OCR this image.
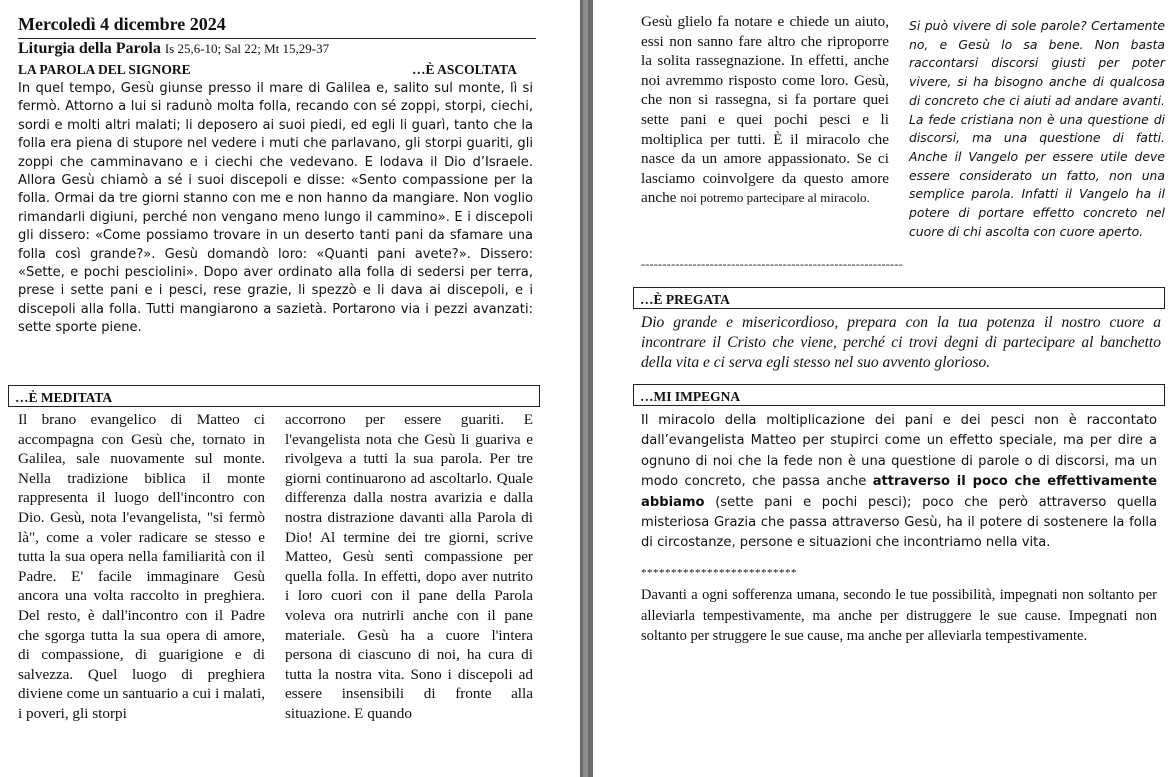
Mercoledì 4 dicembre 2024
Liturgia della Parola Is 25,6-10; Sal 22; Mt 15,29-37
LA PAROLA DEL SIGNORE	…È ASCOLTATA
In quel tempo, Gesù giunse presso il mare di Galilea e, salito sul monte, lì si fermò. Attorno a lui si radunò molta folla, recando con sé zoppi, storpi, ciechi, sordi e molti altri malati; li deposero ai suoi piedi, ed egli li guarì, tanto che la folla era piena di stupore nel vedere i muti che parlavano, gli storpi guariti, gli zoppi che camminavano e i ciechi che vedevano. E lodava il Dio d’Israele. Allora Gesù chiamò a sé i suoi discepoli e disse: «Sento compassione per la folla. Ormai da tre giorni stanno con me e non hanno da mangiare. Non voglio rimandarli digiuni, perché non vengano meno lungo il cammino». E i discepoli gli dissero: «Come possiamo trovare in un deserto tanti pani da sfamare una folla così grande?». Gesù domandò loro: «Quanti pani avete?». Dissero: «Sette, e pochi pesciolini». Dopo aver ordinato alla folla di sedersi per terra, prese i sette pani e i pesci, rese grazie, li spezzò e li dava ai discepoli, e i discepoli alla folla. Tutti mangiarono a sazietà. Portarono via i pezzi avanzati: sette sporte piene.
…È MEDITATA
Il brano evangelico di Matteo ci accompagna con Gesù che, tornato in Galilea, sale nuovamente sul monte. Nella tradizione biblica il monte rappresenta il luogo dell'incontro con Dio. Gesù, nota l'evangelista, "si fermò là", come a voler radicare se stesso e tutta la sua opera nella familiarità con il Padre. E' facile immaginare Gesù ancora una volta raccolto in preghiera. Del resto, è dall'incontro con il Padre che sgorga tutta la sua opera di amore, di compassione, di guarigione e di salvezza. Quel luogo di preghiera diviene come un santuario a cui i malati, i poveri, gli storpi
accorrono per essere guariti. E l'evangelista nota che Gesù li guariva e rivolgeva a tutti la sua parola. Per tre giorni continuarono ad ascoltarlo. Quale differenza dalla nostra avarizia e dalla nostra distrazione davanti alla Parola di Dio! Al termine dei tre giorni, scrive Matteo, Gesù sentì compassione per quella folla. In effetti, dopo aver nutrito i loro cuori con il pane della Parola voleva ora nutrirli anche con il pane materiale. Gesù ha a cuore l'intera persona di ciascuno di noi, ha cura di tutta la nostra vita. Sono i discepoli ad essere insensibili di fronte alla situazione. E quando
Gesù glielo fa notare e chiede un aiuto, essi non sanno fare altro che riproporre la solita rassegnazione. In effetti, anche noi avremmo risposto come loro. Gesù, che non si rassegna, si fa portare quei sette pani e quei pochi pesci e li moltiplica per tutti. È il miracolo che nasce da un amore appassionato. Se ci lasciamo coinvolgere da questo amore anche noi potremo partecipare al miracolo.
-------------------------------------------------------------
Si può vivere di sole parole? Certamente no, e Gesù lo sa bene. Non basta raccontarsi discorsi giusti per poter vivere, si ha bisogno anche di qualcosa di concreto che ci aiuti ad andare avanti. La fede cristiana non è una questione di discorsi, ma una questione di fatti. Anche il Vangelo per essere utile deve essere considerato un fatto, non una semplice parola. Infatti il Vangelo ha il potere di portare effetto concreto nel cuore di chi ascolta con cuore aperto.
…È PREGATA
Dio grande e misericordioso, prepara con la tua potenza il nostro cuore a incontrare il Cristo che viene, perché ci trovi degni di partecipare al banchetto della vita e ci serva egli stesso nel suo avvento glorioso.
…MI IMPEGNA
Il miracolo della moltiplicazione dei pani e dei pesci non è raccontato dall’evangelista Matteo per stupirci come un effetto speciale, ma per dire a ognuno di noi che la fede non è una questione di parole o di discorsi, ma un modo concreto, che passa anche attraverso il poco che effettivamente abbiamo (sette pani e pochi pesci); poco che però attraverso quella misteriosa Grazia che passa attraverso Gesù, ha il potere di sostenere la folla di circostanze, persone e situazioni che incontriamo nella vita.
**************************
Davanti a ogni sofferenza umana, secondo le tue possibilità, impegnati non soltanto per alleviarla tempestivamente, ma anche per distruggere le sue cause. Impegnati non soltanto per struggere le sue cause, ma anche per alleviarla tempestivamente.
